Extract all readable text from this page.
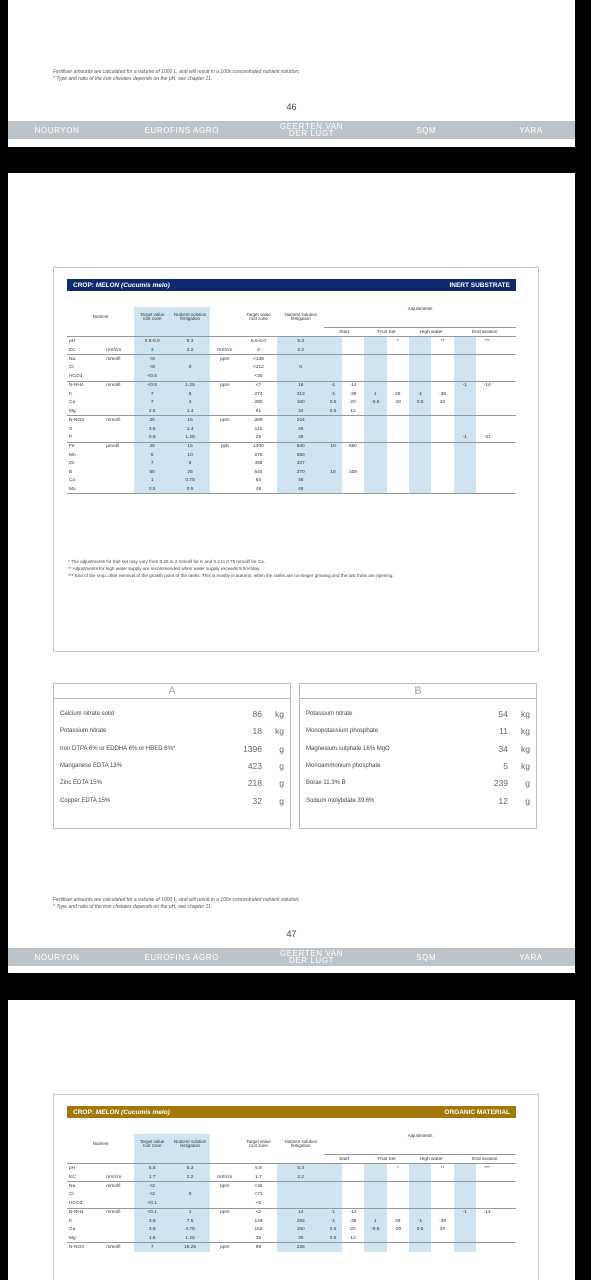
Fertiliser amounts are calculated for a volume of 1000 L, and will result in a 100x concentrated nutrient solution.
* Type and ratio of the iron chelates depends on the pH, see chapter 11.
46
NOURYON	EUROFINS AGRO	GEERTEN VAN DER LUGT	SQM	YARA
CROP: MELON (Cucumis melo)	INERT SUBSTRATE
Nutrient		Target value root zone	Nutrient solution fertigation		Target value root zone	Nutrient solution fertigation	Adjustments								
							Start		Fruit Set		High water		End season		
pH		5.5-6.0	5.3		5.5-6.0	5.3				*		**		***	
EC	mS/cm	3	2.2	mS/cm	3	2.2									
Na	mmol/l	<6		ppm	<138										
Cl		<6	0		<212	0									
HCO3		<0.5			<30										
N-NH4	mmol/l	<0.5	1.25	ppm	<7	18	-1	-14					-1	-14	
K		7	8		274	313	-1	-39	1	39	-1	-39			
Ca		7	4		280	160	0.5	20	-0.5	-20	0.5	20			
Mg		2.5	1.4		61	34	0.5	12							
N-NO3	mmol/l	20	16	ppm	280	224									
S		3.5	1.4		112	45									
P		0.8	1.25		25	39							-1	-31	
Fe	µmol/l	25	15	ppb	1400	840	10	560							
Mn		5	10		275	550									
Zn		7	5		458	327									
B		50	25		540	270	10	108							
Cu		1	0.75		64	48									
Mo		0.5	0.5		48	48									
* The adjustments for fruit set may vary from 0.25 to 2 mmol/l for K and 0.2 to 0.75 mmol/l for Ca.
** Adjustments for high water supply are recommended when water supply exceeds 5 l/m²/day.
*** End of the crop, after removal of the growth point of the ranks. This is mostly in autumn, when the ranks are no longer growing and the last fruits are ripening.
A
Calcium nitrate solid	86	kg
Potassium nitrate	18	kg
Iron DTPA 6% or EDDHA 6% or HBED 6%*	1396	g
Manganese EDTA 13%	423	g
Zinc EDTA 15%	218	g
Copper EDTA 15%	32	g
B
Potassium nitrate	54	kg
Monopotassium phosphate	11	kg
Magnesium sulphate 16% MgO	34	kg
Monoammonium phosphate	5	kg
Borax 11.3% B	239	g
Sodium molybdate 39.6%	12	g
Fertiliser amounts are calculated for a volume of 1000 L, and will result in a 100x concentrated nutrient solution.
* Type and ratio of the iron chelates depends on the pH, see chapter 11.
47
NOURYON	EUROFINS AGRO	GEERTEN VAN DER LUGT	SQM	YARA
CROP: MELON (Cucumis melo)	ORGANIC MATERIAL
Nutrient		Target value root zone	Nutrient solution fertigation		Target value root zone	Nutrient solution fertigation	Adjustments								
							Start		Fruit Set		High water		End season		
pH		5.8	5.3		5.8	5.3				*		**		***	
EC	mS/cm	1.7	2.2	mS/cm	1.7	2.2									
Na	mmol/l	<2		ppm	<46										
Cl		<2	0		<71										
HCO3		<0.1			<6										
N-NH4	mmol/l	<0.1	1	ppm	<2	14	-1	-14					-1	-14	
K		3.8	7.5		149	293	-1	-39	1	39	-1	-39			
Ca		3.8	4.75		152	190	0.5	20	-0.5	-20	0.5	20			
Mg		1.5	1.25		36	30	0.5	12							
N-NO3	mmol/l	7	16.25	ppm	98	228									
